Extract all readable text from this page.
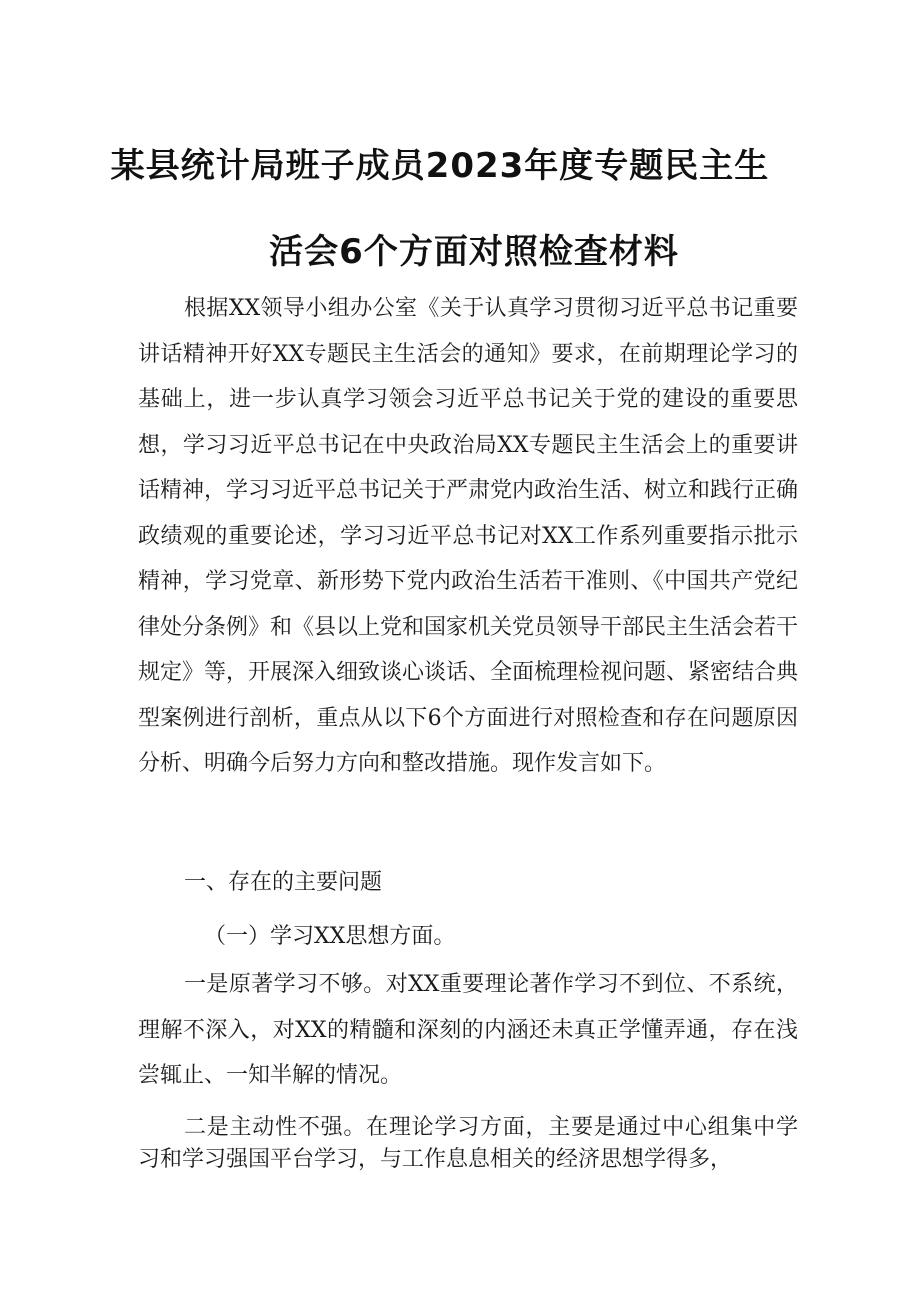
某县统计局班子成员2023年度专题民主生
活会6个方面对照检查材料

根据XX领导小组办公室《关于认真学习贯彻习近平总书记重要讲话精神开好XX专题民主生活会的通知》要求，在前期理论学习的基础上，进一步认真学习领会习近平总书记关于党的建设的重要思想，学习习近平总书记在中央政治局XX专题民主生活会上的重要讲话精神，学习习近平总书记关于严肃党内政治生活、树立和践行正确政绩观的重要论述，学习习近平总书记对XX工作系列重要指示批示精神，学习党章、新形势下党内政治生活若干准则、《中国共产党纪律处分条例》和《县以上党和国家机关党员领导干部民主生活会若干规定》等，开展深入细致谈心谈话、全面梳理检视问题、紧密结合典型案例进行剖析，重点从以下6个方面进行对照检查和存在问题原因分析、明确今后努力方向和整改措施。现作发言如下。

一、存在的主要问题
（一）学习XX思想方面。

一是原著学习不够。对XX重要理论著作学习不到位、不系统，理解不深入，对XX的精髓和深刻的内涵还未真正学懂弄通，存在浅尝辄止、一知半解的情况。

二是主动性不强。在理论学习方面，主要是通过中心组集中学习和学习强国平台学习，与工作息息相关的经济思想学得多，
